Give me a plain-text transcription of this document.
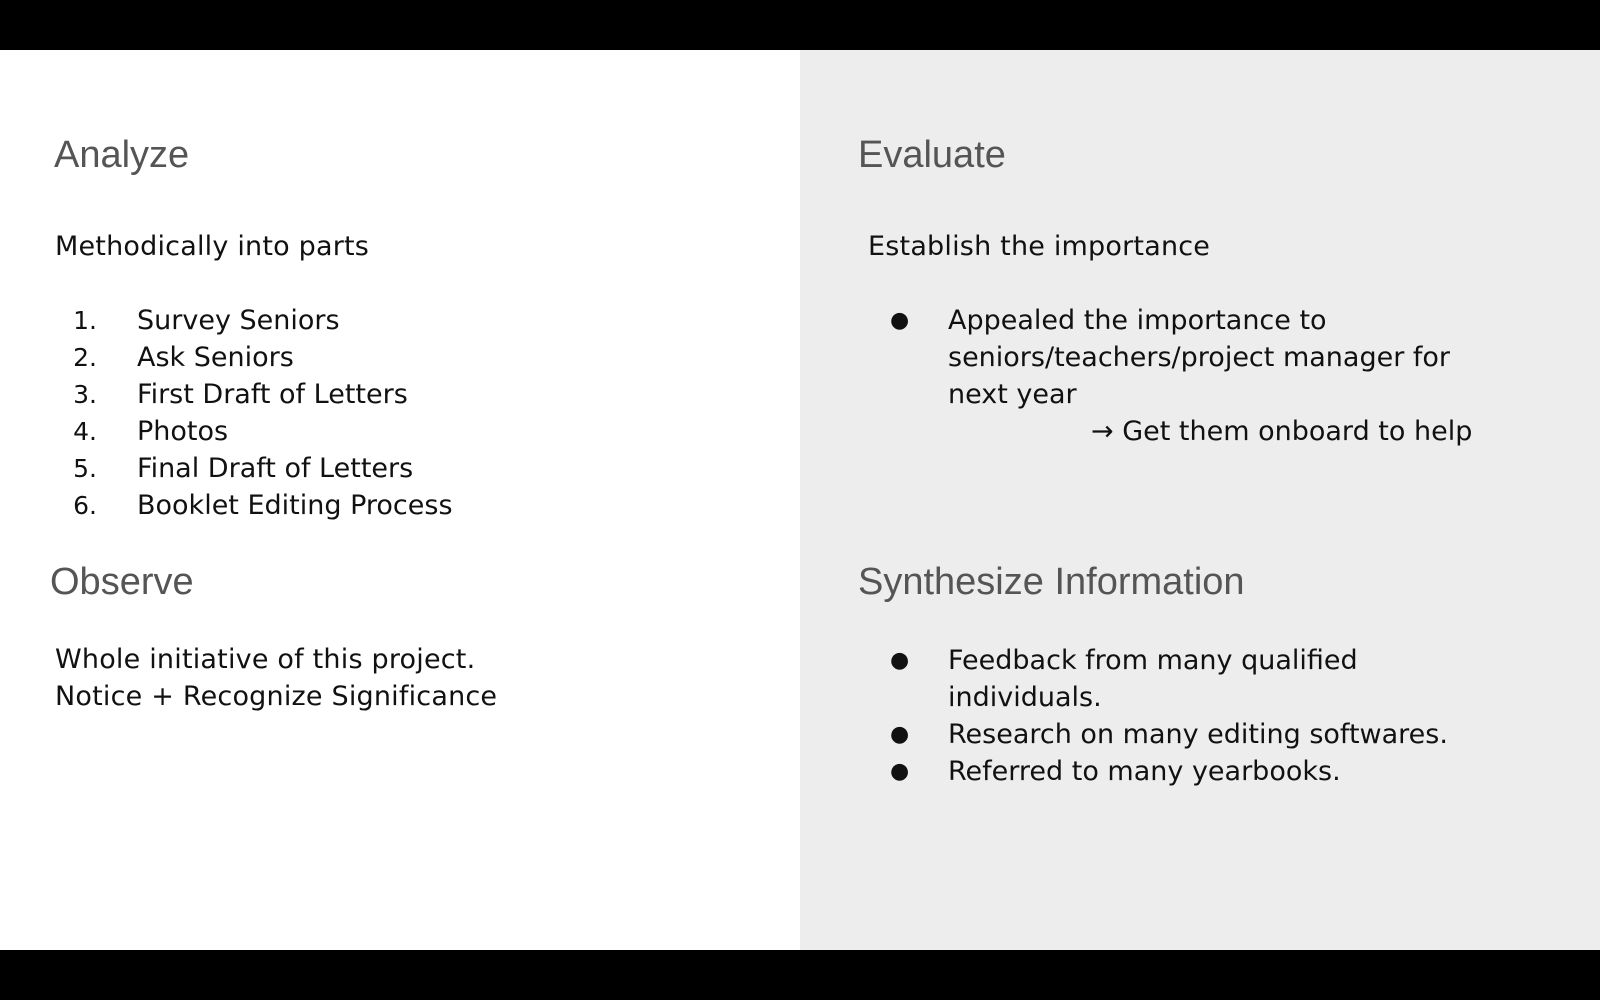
Analyze
Methodically into parts
1. Survey Seniors
2. Ask Seniors
3. First Draft of Letters
4. Photos
5. Final Draft of Letters
6. Booklet Editing Process
Observe
Whole initiative of this project.
Notice + Recognize Significance
Evaluate
Establish the importance
● Appealed the importance to
seniors/teachers/project manager for
next year
→ Get them onboard to help
Synthesize Information
● Feedback from many qualified
individuals.
● Research on many editing softwares.
● Referred to many yearbooks.
